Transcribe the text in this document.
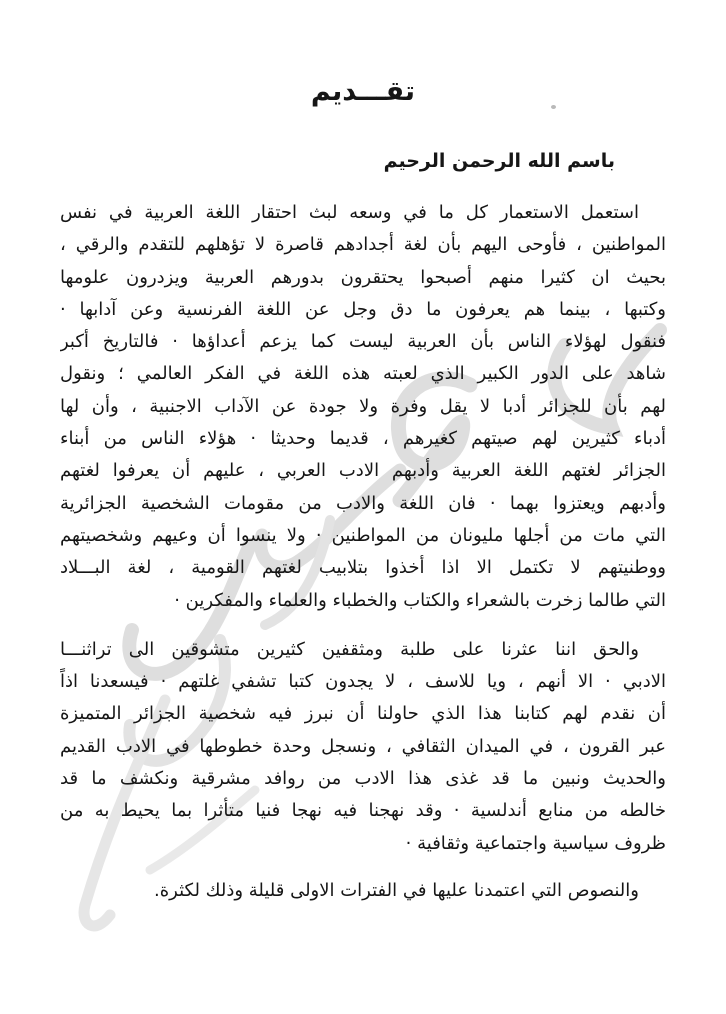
تقـــديم
باسم الله الرحمن الرحيم
استعمل الاستعمار كل ما في وسعه لبث احتقار اللغة العربية في نفس
المواطنين ، فأوحى اليهم بأن لغة أجدادهم قاصرة لا تؤهلهم للتقدم والرقي ،
بحيث ان كثيرا منهم أصبحوا يحتقرون بدورهم العربية ويزدرون علومها
وكتبها ، بينما هم يعرفون ما دق وجل عن اللغة الفرنسية وعن آدابها ·
فنقول لهؤلاء الناس بأن العربية ليست كما يزعم أعداؤها · فالتاريخ أكبر
شاهد على الدور الكبير الذي لعبته هذه اللغة في الفكر العالمي ؛ ونقول
لهم بأن للجزائر أدبا لا يقل وفرة ولا جودة عن الآداب الاجنبية ، وأن لها
أدباء كثيرين لهم صيتهم كغيرهم ، قديما وحديثا · هؤلاء الناس من أبناء
الجزائر لغتهم اللغة العربية وأدبهم الادب العربي ، عليهم أن يعرفوا لغتهم
وأدبهم ويعتزوا بهما · فان اللغة والادب من مقومات الشخصية الجزائرية
التي مات من أجلها مليونان من المواطنين · ولا ينسوا أن وعيهم وشخصيتهم
ووطنيتهم لا تكتمل الا اذا أخذوا بتلابيب لغتهم القومية ، لغة البـــلاد
التي طالما زخرت بالشعراء والكتاب والخطباء والعلماء والمفكرين ·
والحق اننا عثرنا على طلبة ومثقفين كثيرين متشوقين الى تراثنـــا
الادبي · الا أنهم ، ويا للاسف ، لا يجدون كتبا تشفي غلتهم · فيسعدنا اذاً
أن نقدم لهم كتابنا هذا الذي حاولنا أن نبرز فيه شخصية الجزائر المتميزة
عبر القرون ، في الميدان الثقافي ، ونسجل وحدة خطوطها في الادب القديم
والحديث ونبين ما قد غذى هذا الادب من روافد مشرقية ونكشف ما قد
خالطه من منابع أندلسية · وقد نهجنا فيه نهجا فنيا متأثرا بما يحيط به من
ظروف سياسية واجتماعية وثقافية ·
والنصوص التي اعتمدنا عليها في الفترات الاولى قليلة وذلك لكثرة.
